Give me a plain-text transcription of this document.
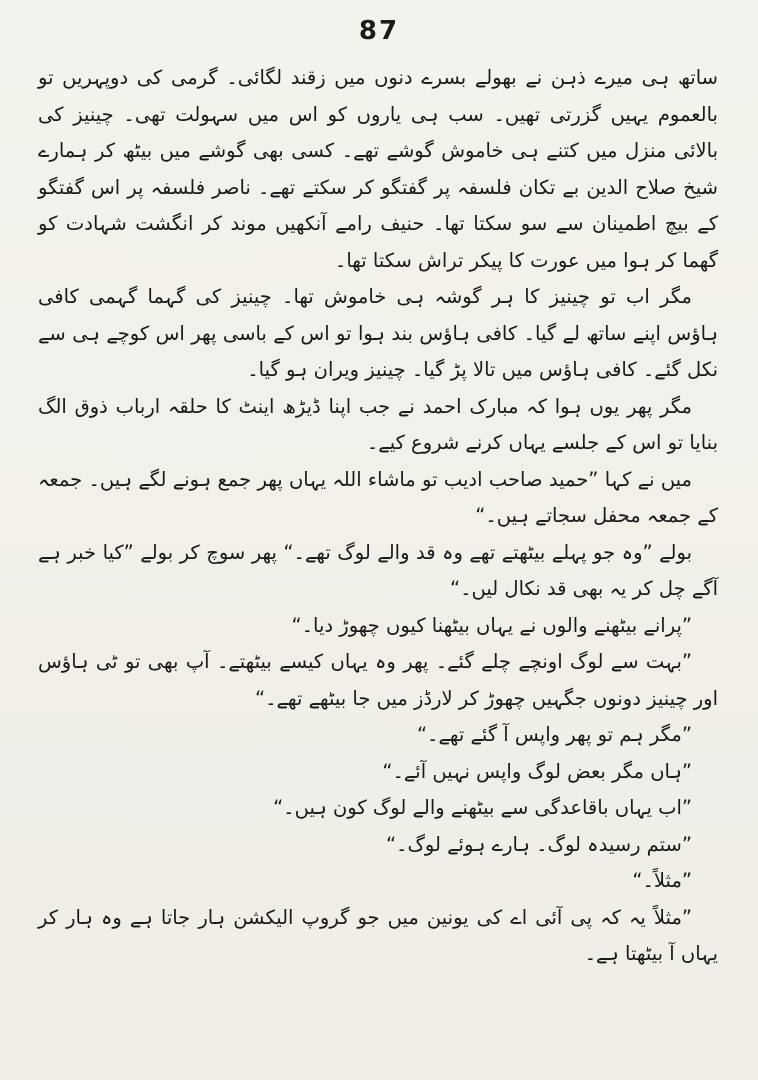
87

ساتھ ہی میرے ذہن نے بھولے بسرے دنوں میں زقند لگائی۔ گرمی کی دوپہریں تو بالعموم یہیں گزرتی تھیں۔ سب ہی یاروں کو اس میں سہولت تھی۔ چینیز کی بالائی منزل میں کتنے ہی خاموش گوشے تھے۔ کسی بھی گوشے میں بیٹھ کر ہمارے شیخ صلاح الدین بے تکان فلسفہ پر گفتگو کر سکتے تھے۔ ناصر فلسفہ پر اس گفتگو کے بیچ اطمینان سے سو سکتا تھا۔ حنیف رامے آنکھیں موند کر انگشت شہادت کو گھما کر ہوا میں عورت کا پیکر تراش سکتا تھا۔

مگر اب تو چینیز کا ہر گوشہ ہی خاموش تھا۔ چینیز کی گہما گہمی کافی ہاؤس اپنے ساتھ لے گیا۔ کافی ہاؤس بند ہوا تو اس کے باسی پھر اس کوچے ہی سے نکل گئے۔ کافی ہاؤس میں تالا پڑ گیا۔ چینیز ویران ہو گیا۔

مگر پھر یوں ہوا کہ مبارک احمد نے جب اپنا ڈیڑھ اینٹ کا حلقہ ارباب ذوق الگ بنایا تو اس کے جلسے یہاں کرنے شروع کیے۔

میں نے کہا ”حمید صاحب ادیب تو ماشاء اللہ یہاں پھر جمع ہونے لگے ہیں۔ جمعہ کے جمعہ محفل سجاتے ہیں۔“

بولے ”وہ جو پہلے بیٹھتے تھے وہ قد والے لوگ تھے۔“ پھر سوچ کر بولے ”کیا خبر ہے آگے چل کر یہ بھی قد نکال لیں۔“

”پرانے بیٹھنے والوں نے یہاں بیٹھنا کیوں چھوڑ دیا۔“

”بہت سے لوگ اونچے چلے گئے۔ پھر وہ یہاں کیسے بیٹھتے۔ آپ بھی تو ٹی ہاؤس اور چینیز دونوں جگہیں چھوڑ کر لارڈز میں جا بیٹھے تھے۔“

”مگر ہم تو پھر واپس آ گئے تھے۔“

”ہاں مگر بعض لوگ واپس نہیں آئے۔“

”اب یہاں باقاعدگی سے بیٹھنے والے لوگ کون ہیں۔“

”ستم رسیدہ لوگ۔ ہارے ہوئے لوگ۔“

”مثلاً۔“

”مثلاً یہ کہ پی آئی اے کی یونین میں جو گروپ الیکشن ہار جاتا ہے وہ ہار کر یہاں آ بیٹھتا ہے۔
